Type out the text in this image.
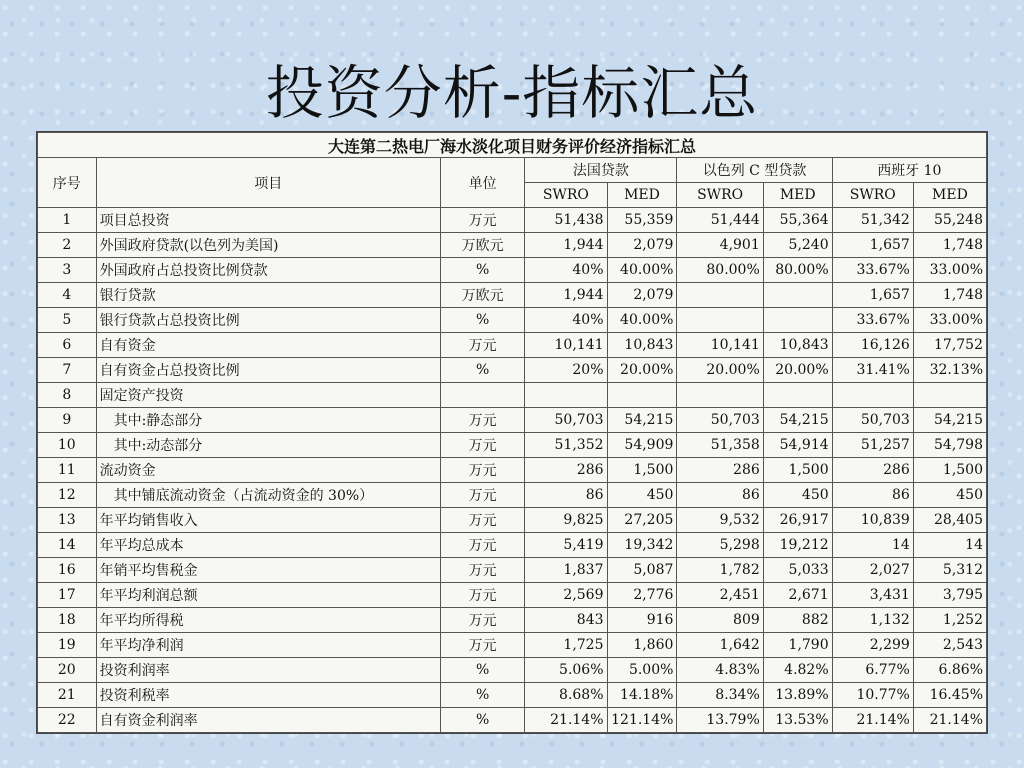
投资分析-指标汇总
大连第二热电厂海水淡化项目财务评价经济指标汇总								
序号	项目	单位	法国贷款		以色列 C 型贷款		西班牙 10	
			SWRO	MED	SWRO	MED	SWRO	MED
1	项目总投资	万元	51,438	55,359	51,444	55,364	51,342	55,248
2	外国政府贷款(以色列为美国)	万欧元	1,944	2,079	4,901	5,240	1,657	1,748
3	外国政府占总投资比例贷款	%	40%	40.00%	80.00%	80.00%	33.67%	33.00%
4	银行贷款	万欧元	1,944	2,079			1,657	1,748
5	银行贷款占总投资比例	%	40%	40.00%			33.67%	33.00%
6	自有资金	万元	10,141	10,843	10,141	10,843	16,126	17,752
7	自有资金占总投资比例	%	20%	20.00%	20.00%	20.00%	31.41%	32.13%
8	固定资产投资							
9	　其中:静态部分	万元	50,703	54,215	50,703	54,215	50,703	54,215
10	　其中:动态部分	万元	51,352	54,909	51,358	54,914	51,257	54,798
11	流动资金	万元	286	1,500	286	1,500	286	1,500
12	　其中铺底流动资金（占流动资金的 30%）	万元	86	450	86	450	86	450
13	年平均销售收入	万元	9,825	27,205	9,532	26,917	10,839	28,405
14	年平均总成本	万元	5,419	19,342	5,298	19,212	14	14
16	年销平均售税金	万元	1,837	5,087	1,782	5,033	2,027	5,312
17	年平均利润总额	万元	2,569	2,776	2,451	2,671	3,431	3,795
18	年平均所得税	万元	843	916	809	882	1,132	1,252
19	年平均净利润	万元	1,725	1,860	1,642	1,790	2,299	2,543
20	投资利润率	%	5.06%	5.00%	4.83%	4.82%	6.77%	6.86%
21	投资利税率	%	8.68%	14.18%	8.34%	13.89%	10.77%	16.45%
22	自有资金利润率	%	21.14%	121.14%	13.79%	13.53%	21.14%	21.14%
